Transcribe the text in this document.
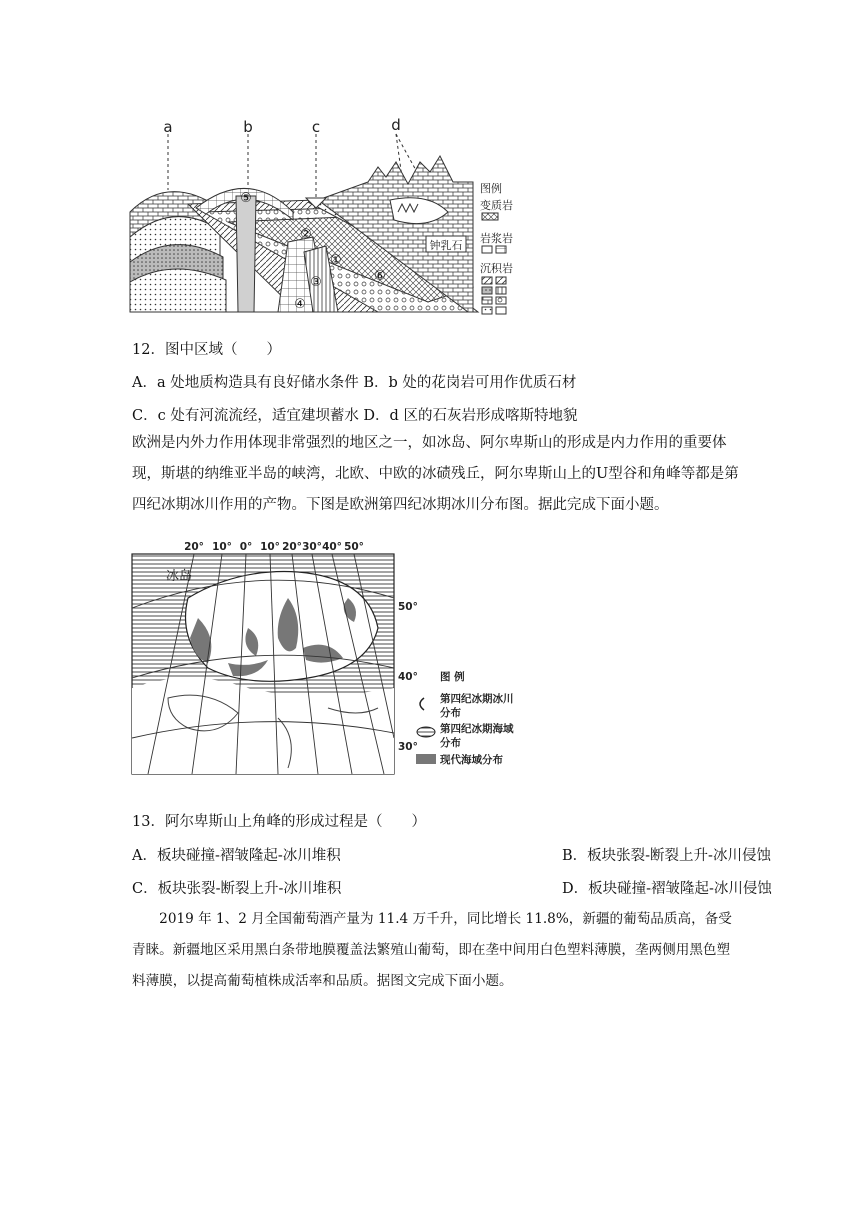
a	b	c	d
钟乳石
⑤
②
①
③
④
⑥
图例
变质岩
岩浆岩
沉积岩
12．图中区域（　　）
A．a 处地质构造具有良好储水条件 B．b 处的花岗岩可用作优质石材
C．c 处有河流流经，适宜建坝蓄水 D．d 区的石灰岩形成喀斯特地貌
欧洲是内外力作用体现非常强烈的地区之一，如冰岛、阿尔卑斯山的形成是内力作用的重要体现，斯堪的纳维亚半岛的峡湾，北欧、中欧的冰碛残丘，阿尔卑斯山上的U型谷和角峰等都是第四纪冰期冰川作用的产物。下图是欧洲第四纪冰期冰川分布图。据此完成下面小题。
20° 10° 0° 10° 20° 30° 40° 50°
冰岛
50°
40°
30°
图 例
第四纪冰期冰川
分布
第四纪冰期海域
分布
现代海域分布
13．阿尔卑斯山上角峰的形成过程是（　　）
A．板块碰撞-褶皱隆起-冰川堆积	B．板块张裂-断裂上升-冰川侵蚀
C．板块张裂-断裂上升-冰川堆积	D．板块碰撞-褶皱隆起-冰川侵蚀
　　2019 年 1、2 月全国葡萄酒产量为 11.4 万千升，同比增长 11.8%，新疆的葡萄品质高，备受青睐。新疆地区采用黑白条带地膜覆盖法繁殖山葡萄，即在垄中间用白色塑料薄膜，垄两侧用黑色塑料薄膜，以提高葡萄植株成活率和品质。据图文完成下面小题。
